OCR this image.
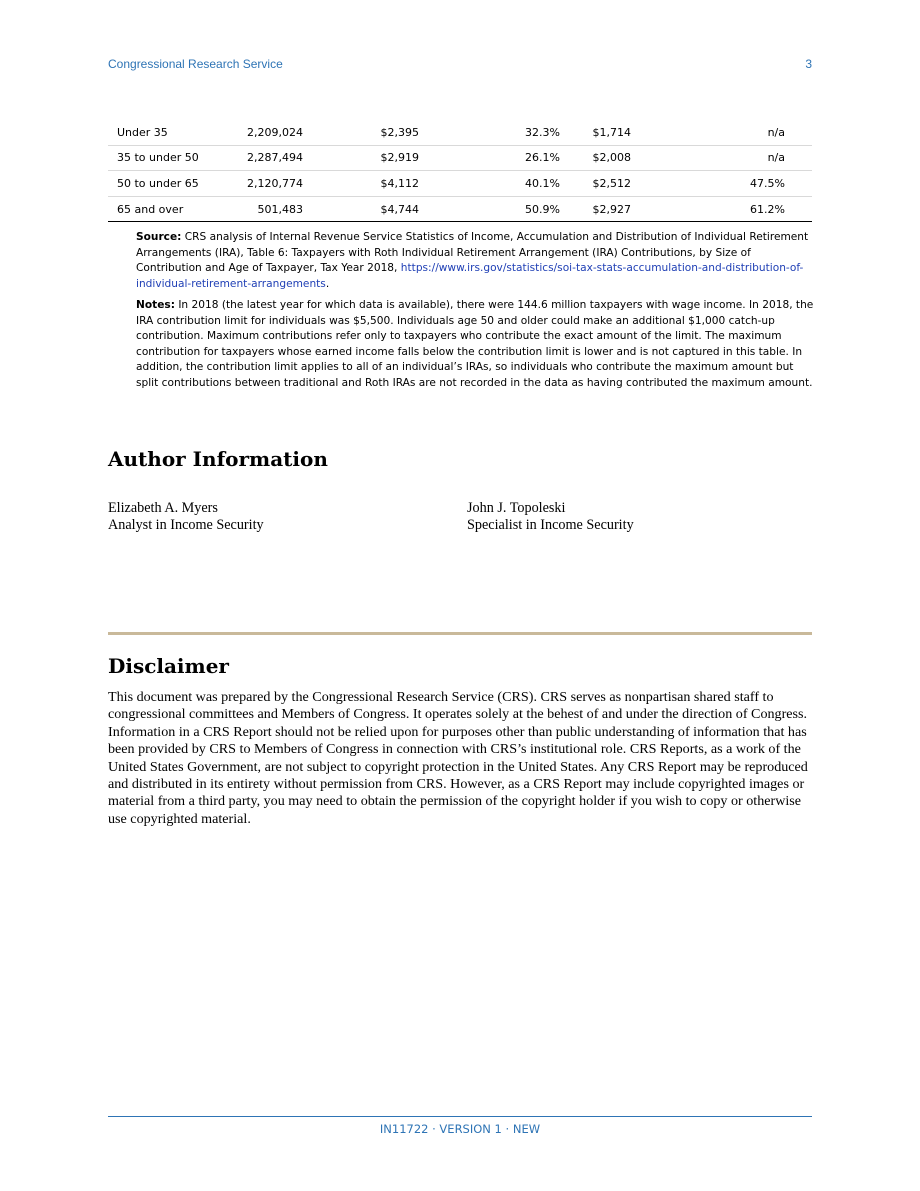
Congressional Research Service	3
Under 35	2,209,024	$2,395	32.3%	$1,714	n/a
35 to under 50	2,287,494	$2,919	26.1%	$2,008	n/a
50 to under 65	2,120,774	$4,112	40.1%	$2,512	47.5%
65 and over	501,483	$4,744	50.9%	$2,927	61.2%

Source: CRS analysis of Internal Revenue Service Statistics of Income, Accumulation and Distribution of Individual Retirement Arrangements (IRA), Table 6: Taxpayers with Roth Individual Retirement Arrangement (IRA) Contributions, by Size of Contribution and Age of Taxpayer, Tax Year 2018, https://www.irs.gov/statistics/soi-tax-stats-accumulation-and-distribution-of-individual-retirement-arrangements.

Notes: In 2018 (the latest year for which data is available), there were 144.6 million taxpayers with wage income. In 2018, the IRA contribution limit for individuals was $5,500. Individuals age 50 and older could make an additional $1,000 catch-up contribution. Maximum contributions refer only to taxpayers who contribute the exact amount of the limit. The maximum contribution for taxpayers whose earned income falls below the contribution limit is lower and is not captured in this table. In addition, the contribution limit applies to all of an individual’s IRAs, so individuals who contribute the maximum amount but split contributions between traditional and Roth IRAs are not recorded in the data as having contributed the maximum amount.

Author Information
Elizabeth A. Myers
Analyst in Income Security
John J. Topoleski
Specialist in Income Security
Disclaimer

This document was prepared by the Congressional Research Service (CRS). CRS serves as nonpartisan shared staff to congressional committees and Members of Congress. It operates solely at the behest of and under the direction of Congress. Information in a CRS Report should not be relied upon for purposes other than public understanding of information that has been provided by CRS to Members of Congress in connection with CRS’s institutional role. CRS Reports, as a work of the United States Government, are not subject to copyright protection in the United States. Any CRS Report may be reproduced and distributed in its entirety without permission from CRS. However, as a CRS Report may include copyrighted images or material from a third party, you may need to obtain the permission of the copyright holder if you wish to copy or otherwise use copyrighted material.

IN11722 · VERSION 1 · NEW
